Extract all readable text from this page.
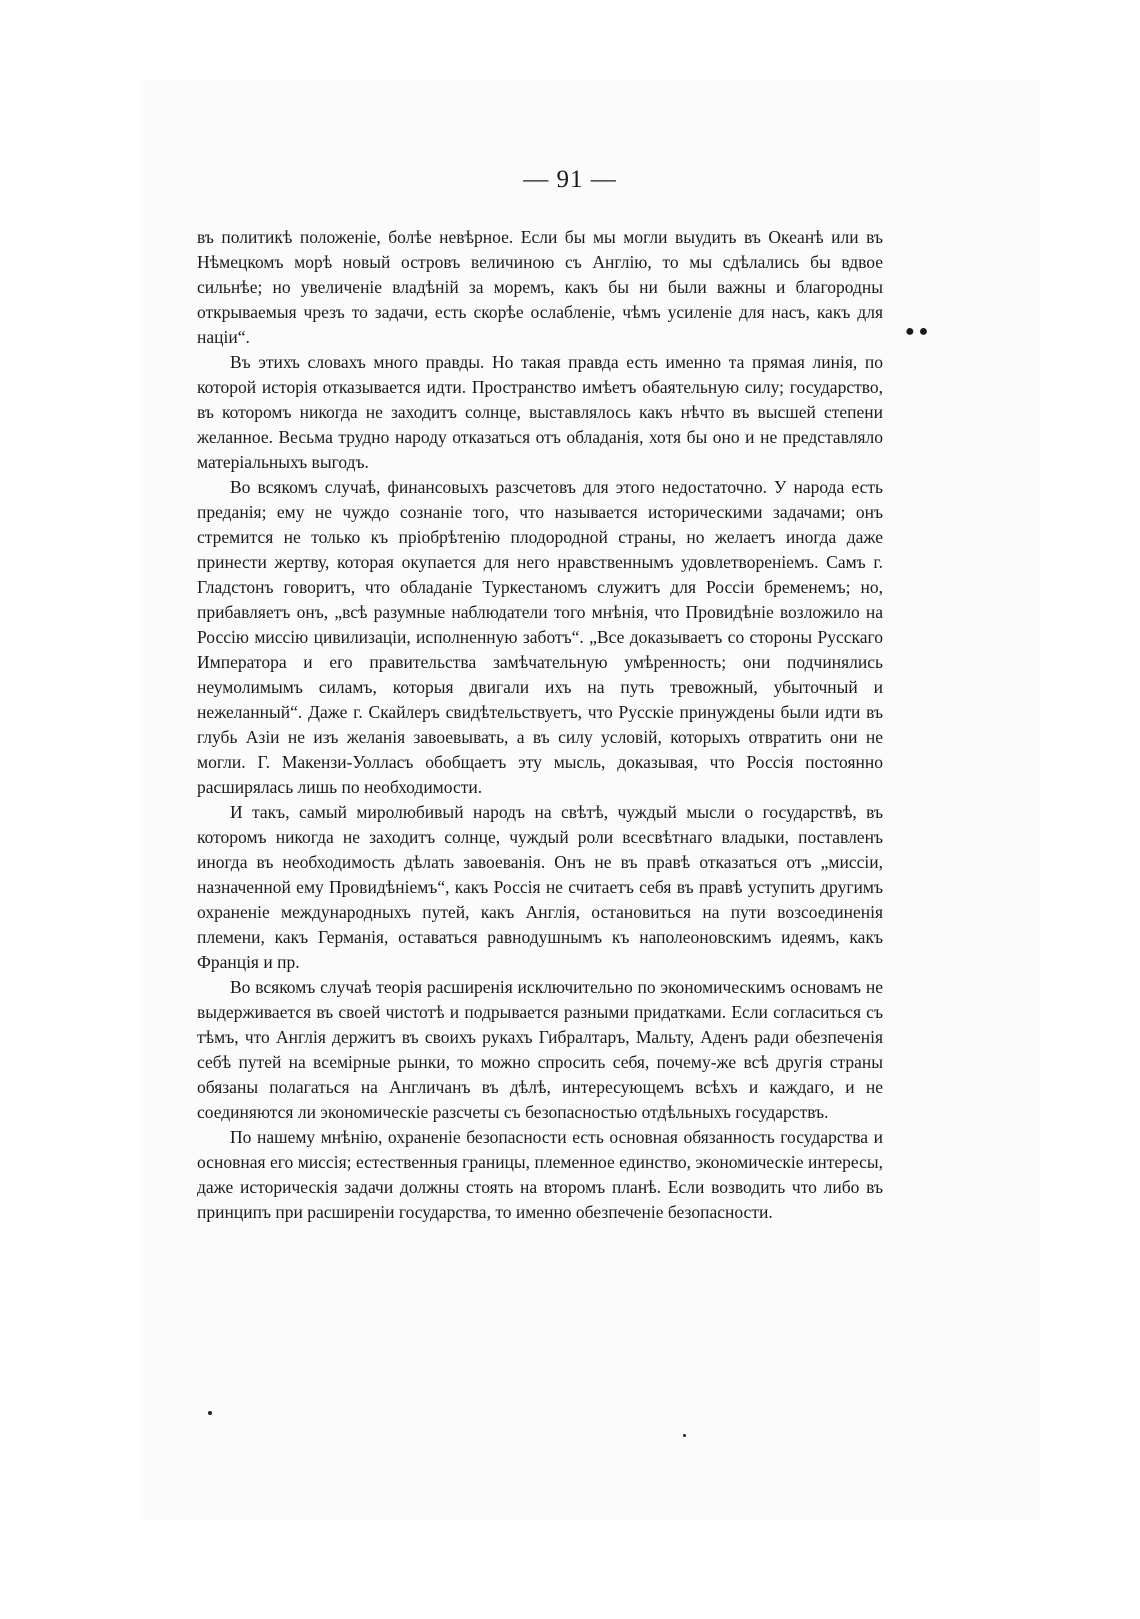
— 91 —
● ●

въ политикѣ положеніе, болѣе невѣрное. Если бы мы могли выудить въ Океанѣ или въ Нѣмецкомъ морѣ новый островъ величиною съ Англію, то мы сдѣлались бы вдвое сильнѣе; но увеличеніе владѣній за моремъ, какъ бы ни были важны и благородны открываемыя чрезъ то задачи, есть скорѣе ослабленіе, чѣмъ усиленіе для насъ, какъ для націи“.

Въ этихъ словахъ много правды. Но такая правда есть именно та прямая линія, по которой исторія отказывается идти. Пространство имѣетъ обаятельную силу; государство, въ которомъ никогда не заходитъ солнце, выставлялось какъ нѣчто въ высшей степени желанное. Весьма трудно народу отказаться отъ обладанія, хотя бы оно и не представляло матеріальныхъ выгодъ.

Во всякомъ случаѣ, финансовыхъ разсчетовъ для этого недостаточно. У народа есть преданія; ему не чуждо сознаніе того, что называется историческими задачами; онъ стремится не только къ пріобрѣтенію плодородной страны, но желаетъ иногда даже принести жертву, которая окупается для него нравственнымъ удовлетвореніемъ. Самъ г. Гладстонъ говоритъ, что обладаніе Туркестаномъ служитъ для Россіи бременемъ; но, прибавляетъ онъ, „всѣ разумные наблюдатели того мнѣнія, что Провидѣніе возложило на Россію миссію цивилизаціи, исполненную заботъ“. „Все доказываетъ со стороны Русскаго Императора и его правительства замѣчательную умѣренность; они подчинялись неумолимымъ силамъ, которыя двигали ихъ на путь тревожный, убыточный и нежеланный“. Даже г. Скайлеръ свидѣтельствуетъ, что Русскіе принуждены были идти въ глубь Азіи не изъ желанія завоевывать, а въ силу условій, которыхъ отвратить они не могли. Г. Макензи-Уолласъ обобщаетъ эту мысль, доказывая, что Россія постоянно расширялась лишь по необходимости.

И такъ, самый миролюбивый народъ на свѣтѣ, чуждый мысли о государствѣ, въ которомъ никогда не заходитъ солнце, чуждый роли всесвѣтнаго владыки, поставленъ иногда въ необходимость дѣлать завоеванія. Онъ не въ правѣ отказаться отъ „миссіи, назначенной ему Провидѣніемъ“, какъ Россія не считаетъ себя въ правѣ уступить другимъ охраненіе международныхъ путей, какъ Англія, остановиться на пути возсоединенія племени, какъ Германія, оставаться равнодушнымъ къ наполеоновскимъ идеямъ, какъ Франція и пр.

Во всякомъ случаѣ теорія расширенія исключительно по экономическимъ основамъ не выдерживается въ своей чистотѣ и подрывается разными придатками. Если согласиться съ тѣмъ, что Англія держитъ въ своихъ рукахъ Гибралтаръ, Мальту, Аденъ ради обезпеченія себѣ путей на всемірные рынки, то можно спросить себя, почему-же всѣ другія страны обязаны полагаться на Англичанъ въ дѣлѣ, интересующемъ всѣхъ и каждаго, и не соединяются ли экономическіе разсчеты съ безопасностью отдѣльныхъ государствъ.

По нашему мнѣнію, охраненіе безопасности есть основная обязанность государства и основная его миссія; естественныя границы, племенное единство, экономическіе интересы, даже историческія задачи должны стоять на второмъ планѣ. Если возводить что либо въ принципъ при расширеніи государства, то именно обезпеченіе безопасности.
